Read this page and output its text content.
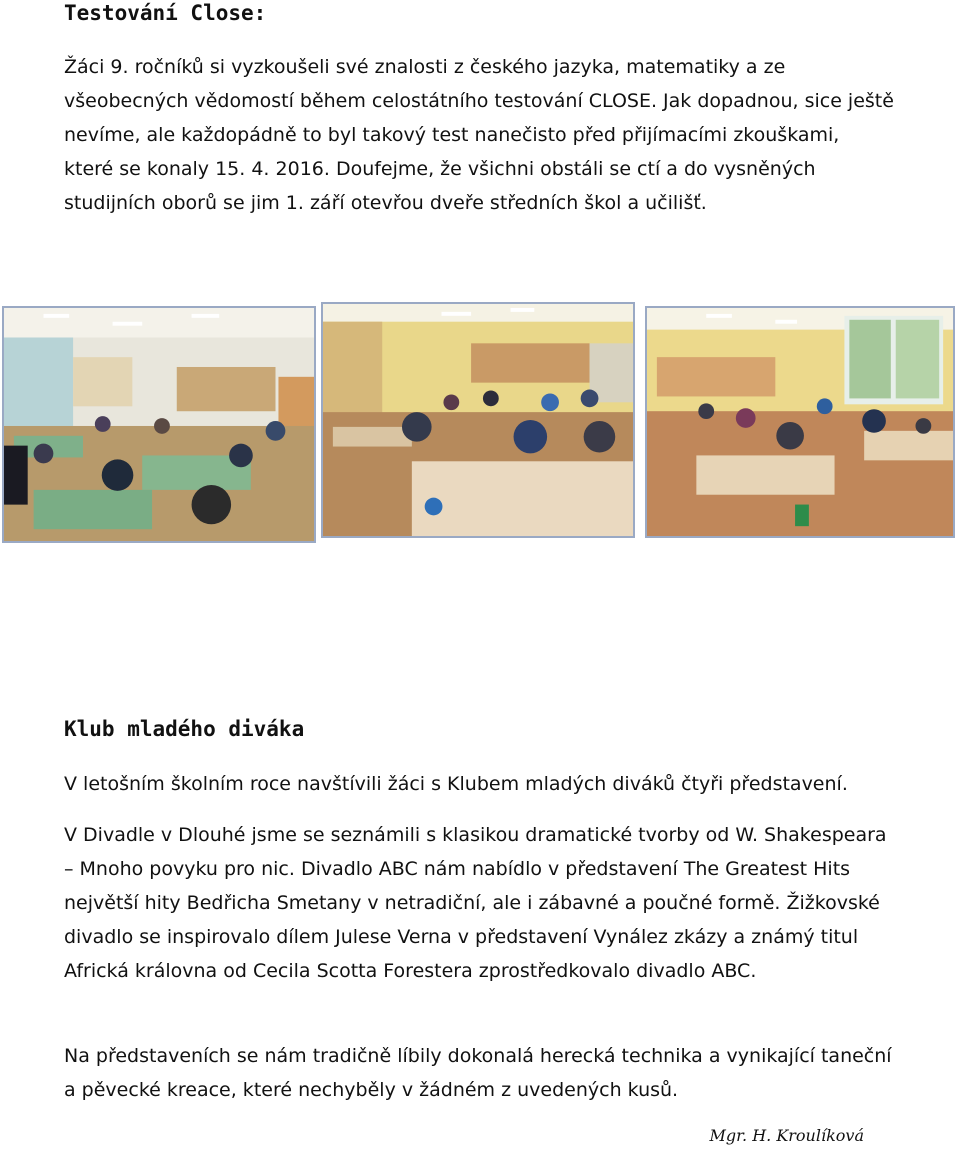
Testování Close:

Žáci 9. ročníků si vyzkoušeli své znalosti z českého jazyka, matematiky a ze všeobecných vědomostí během celostátního testování CLOSE. Jak dopadnou, sice ještě nevíme, ale každopádně to byl takový test nanečisto před přijímacími zkouškami, které se konaly 15. 4. 2016. Doufejme, že všichni obstáli se ctí a do vysněných studijních oborů se jim 1. září otevřou dveře středních škol a učilišť.

Klub mladého diváka

V letošním školním roce navštívili žáci s Klubem mladých diváků čtyři představení.

V Divadle v Dlouhé jsme se seznámili s klasikou dramatické tvorby od W. Shakespeara – Mnoho povyku pro nic. Divadlo ABC nám nabídlo v představení The Greatest Hits největší hity Bedřicha Smetany v netradiční, ale i zábavné a poučné formě. Žižkovské divadlo se inspirovalo dílem Julese Verna v představení Vynález zkázy a známý titul Africká královna od Cecila Scotta Forestera zprostředkovalo divadlo ABC.

Na představeních se nám tradičně líbily dokonalá herecká technika a vynikající taneční a pěvecké kreace, které nechyběly v žádném z uvedených kusů.

Mgr. H. Kroulíková
